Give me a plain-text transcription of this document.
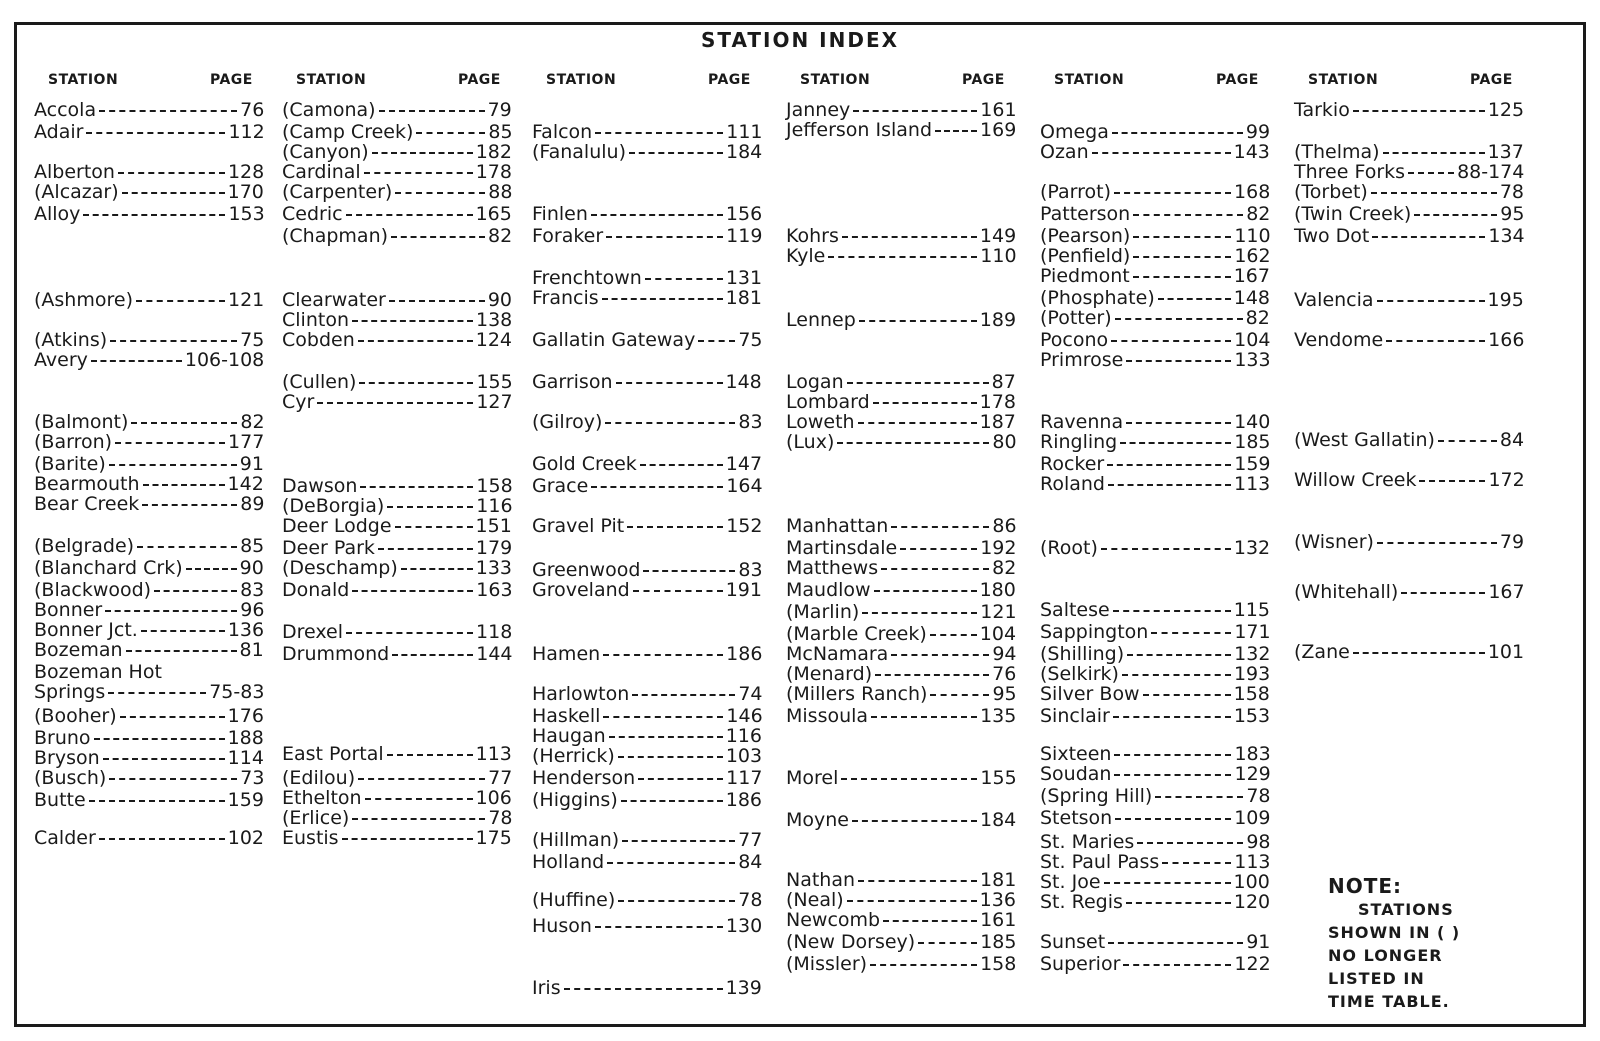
STATION INDEX
STATION	PAGE	STATION	PAGE	STATION	PAGE	STATION	PAGE	STATION	PAGE	STATION	PAGE
Accola	76
Adair	112
Alberton	128
(Alcazar)	170
Alloy	153
(Ashmore)	121
(Atkins)	75
Avery	106-108
(Balmont)	82
(Barron)	177
(Barite)	91
Bearmouth	142
Bear Creek	89
(Belgrade)	85
(Blanchard Crk)	90
(Blackwood)	83
Bonner	96
Bonner Jct.	136
Bozeman	81
Bozeman Hot
Springs	75-83
(Booher)	176
Bruno	188
Bryson	114
(Busch)	73
Butte	159
Calder	102
(Camona)	79
(Camp Creek)	85
(Canyon)	182
Cardinal	178
(Carpenter)	88
Cedric	165
(Chapman)	82
Clearwater	90
Clinton	138
Cobden	124
(Cullen)	155
Cyr	127
Dawson	158
(DeBorgia)	116
Deer Lodge	151
Deer Park	179
(Deschamp)	133
Donald	163
Drexel	118
Drummond	144
East Portal	113
(Edilou)	77
Ethelton	106
(Erlice)	78
Eustis	175
Falcon	111
(Fanalulu)	184
Finlen	156
Foraker	119
Frenchtown	131
Francis	181
Gallatin Gateway 75
Garrison	148
(Gilroy)	83
Gold Creek	147
Grace	164
Gravel Pit	152
Greenwood	83
Groveland	191
Hamen	186
Harlowton	74
Haskell	146
Haugan	116
(Herrick)	103
Henderson	117
(Higgins)	186
(Hillman)	77
Holland	84
(Huffine)	78
Huson	130
Iris	139
Janney	161
Jefferson Island	169
Kohrs	149
Kyle	110
Lennep	189
Logan	87
Lombard	178
Loweth	187
(Lux)	80
Manhattan	86
Martinsdale	192
Matthews	82
Maudlow	180
(Marlin)	121
(Marble Creek)	104
McNamara	94
(Menard)	76
(Millers Ranch)	95
Missoula	135
Morel	155
Moyne	184
Nathan	181
(Neal)	136
Newcomb	161
(New Dorsey)	185
(Missler)	158
Omega	99
Ozan	143
(Parrot)	168
Patterson	82
(Pearson)	110
(Penfield)	162
Piedmont	167
(Phosphate)	148
(Potter)	82
Pocono	104
Primrose	133
Ravenna	140
Ringling	185
Rocker	159
Roland	113
(Root)	132
Saltese	115
Sappington	171
(Shilling)	132
(Selkirk)	193
Silver Bow	158
Sinclair	153
Sixteen	183
Soudan	129
(Spring Hill)	78
Stetson	109
St. Maries	98
St. Paul Pass	113
St. Joe	100
St. Regis	120
Sunset	91
Superior	122
Tarkio	125
(Thelma)	137
Three Forks	88-174
(Torbet)	78
(Twin Creek)	95
Two Dot	134
Valencia	195
Vendome	166
(West Gallatin)	84
Willow Creek	172
(Wisner)	79
(Whitehall)	167
(Zane	101
NOTE:
STATIONS
SHOWN IN ( )
NO LONGER
LISTED IN
TIME TABLE.
